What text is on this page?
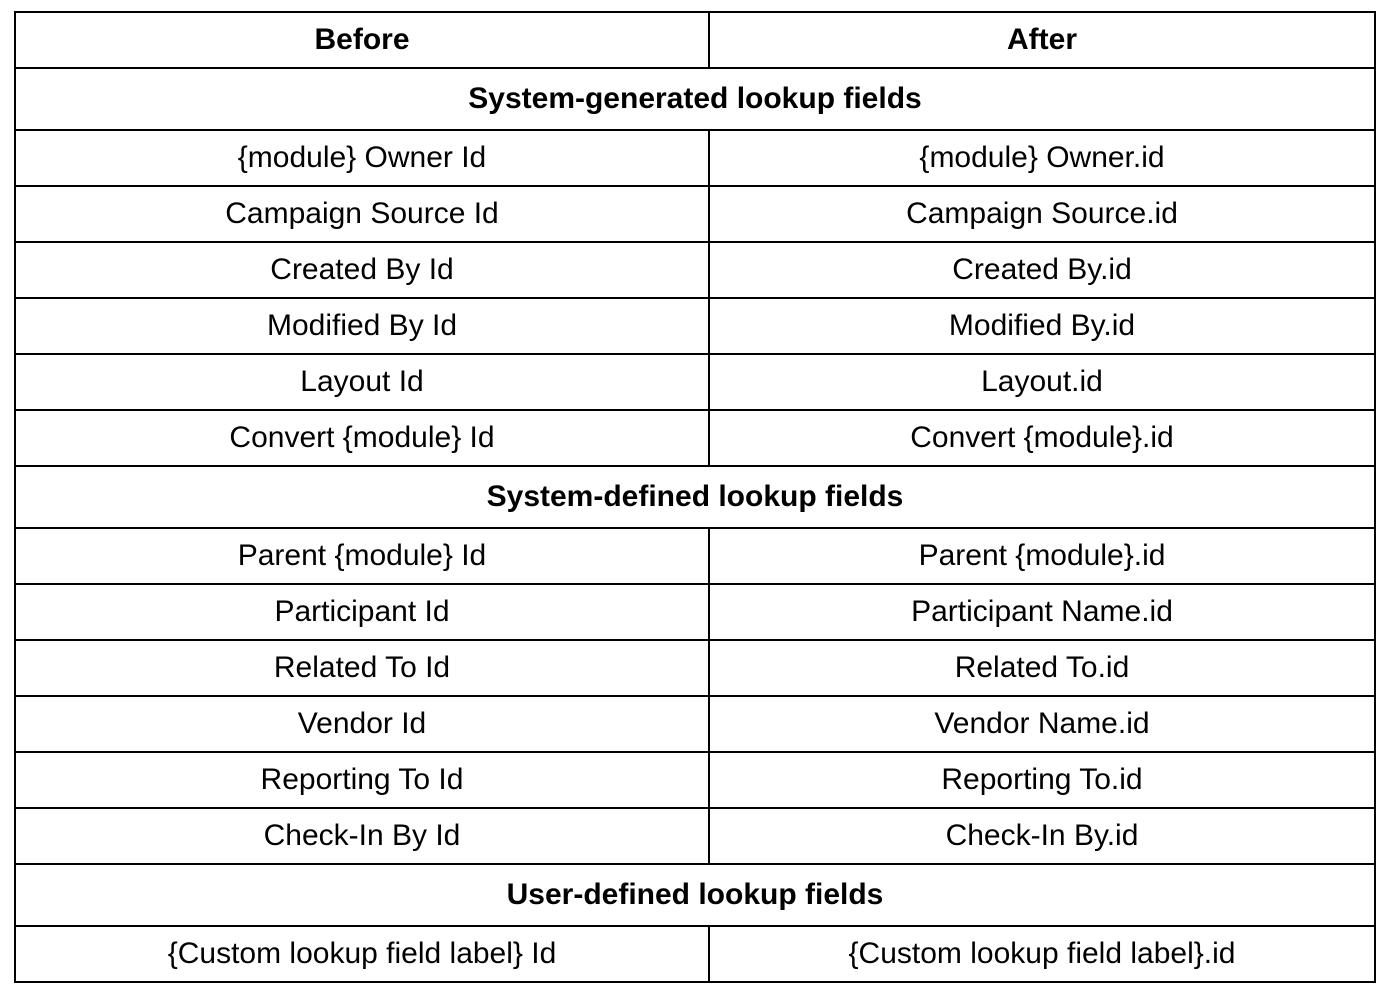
Before	After
System-generated lookup fields	
{module} Owner Id	{module} Owner.id
Campaign Source Id	Campaign Source.id
Created By Id	Created By.id
Modified By Id	Modified By.id
Layout Id	Layout.id
Convert {module} Id	Convert {module}.id
System-defined lookup fields	
Parent {module} Id	Parent {module}.id
Participant Id	Participant Name.id
Related To Id	Related To.id
Vendor Id	Vendor Name.id
Reporting To Id	Reporting To.id
Check-In By Id	Check-In By.id
User-defined lookup fields	
{Custom lookup field label} Id	{Custom lookup field label}.id
